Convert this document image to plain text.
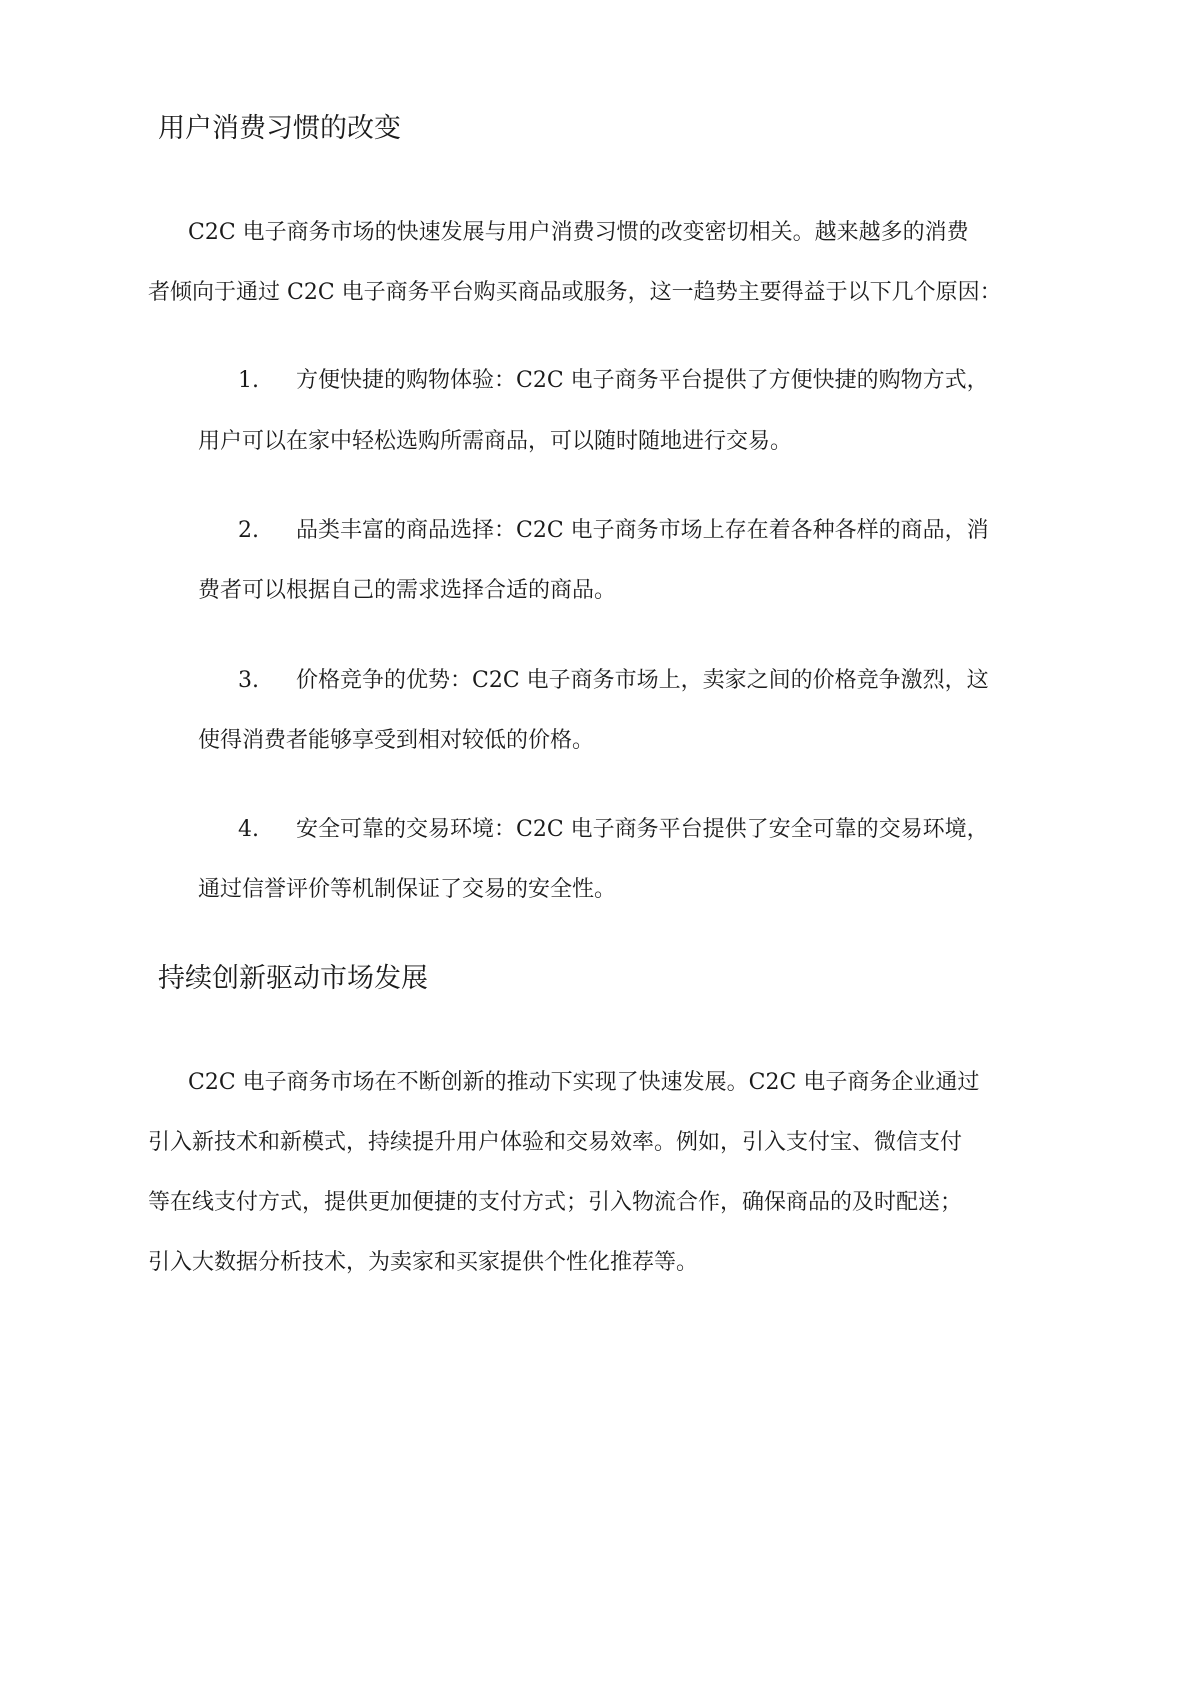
用户消费习惯的改变

C2C 电子商务市场的快速发展与用户消费习惯的改变密切相关。越来越多的消费

者倾向于通过 C2C 电子商务平台购买商品或服务，这一趋势主要得益于以下几个原因：

1. 方便快捷的购物体验：C2C 电子商务平台提供了方便快捷的购物方式，

用户可以在家中轻松选购所需商品，可以随时随地进行交易。

2. 品类丰富的商品选择：C2C 电子商务市场上存在着各种各样的商品，消

费者可以根据自己的需求选择合适的商品。

3. 价格竞争的优势：C2C 电子商务市场上，卖家之间的价格竞争激烈，这

使得消费者能够享受到相对较低的价格。

4. 安全可靠的交易环境：C2C 电子商务平台提供了安全可靠的交易环境，

通过信誉评价等机制保证了交易的安全性。

持续创新驱动市场发展

C2C 电子商务市场在不断创新的推动下实现了快速发展。C2C 电子商务企业通过

引入新技术和新模式，持续提升用户体验和交易效率。例如，引入支付宝、微信支付

等在线支付方式，提供更加便捷的支付方式；引入物流合作，确保商品的及时配送；

引入大数据分析技术，为卖家和买家提供个性化推荐等。
